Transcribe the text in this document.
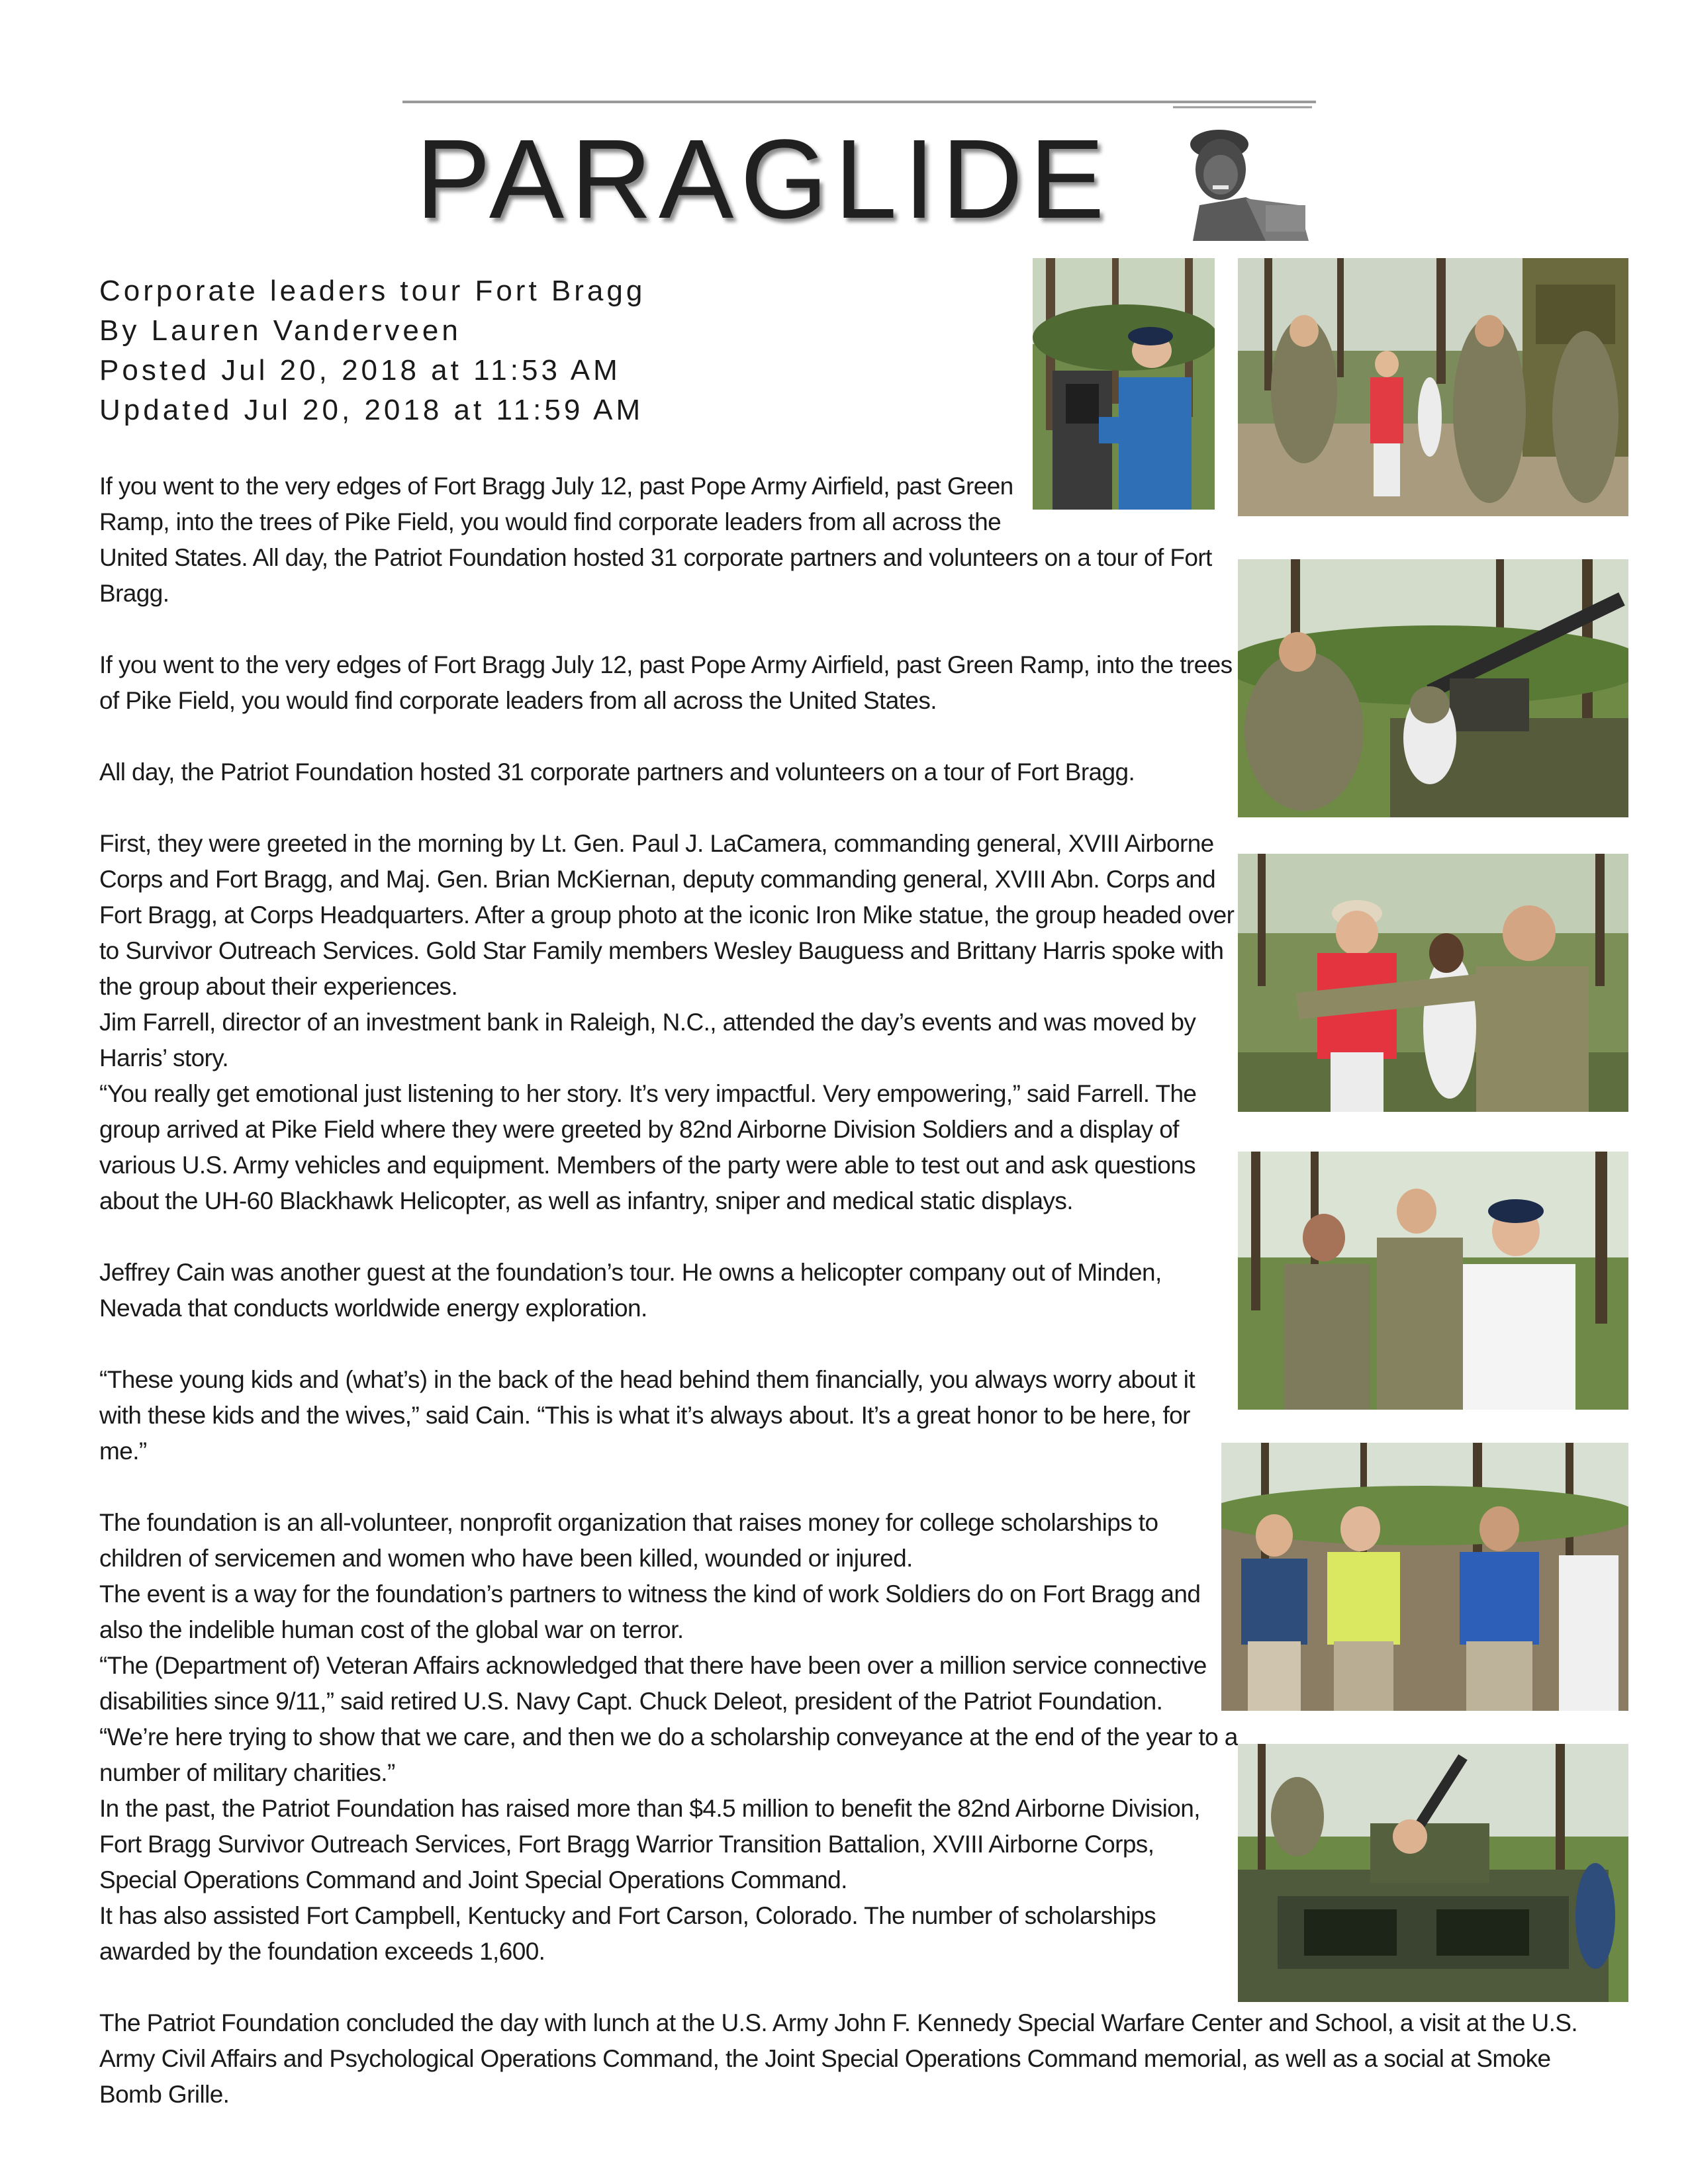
PARAGLIDE

Corporate leaders tour Fort Bragg

By Lauren Vanderveen

Posted Jul 20, 2018 at 11:53 AM

Updated Jul 20, 2018 at 11:59 AM

If you went to the very edges of Fort Bragg July 12, past Pope Army Airfield, past Green Ramp, into the trees of Pike Field, you would find corporate leaders from all across the United States. All day, the Patriot Foundation hosted 31 corporate partners and volunteers on a tour of Fort Bragg.

If you went to the very edges of Fort Bragg July 12, past Pope Army Airfield, past Green Ramp, into the trees of Pike Field, you would find corporate leaders from all across the United States.

All day, the Patriot Foundation hosted 31 corporate partners and volunteers on a tour of Fort Bragg.

First, they were greeted in the morning by Lt. Gen. Paul J. LaCamera, commanding general, XVIII Airborne Corps and Fort Bragg, and Maj. Gen. Brian McKiernan, deputy commanding general, XVIII Abn. Corps and Fort Bragg, at Corps Headquarters. After a group photo at the iconic Iron Mike statue, the group headed over to Survivor Outreach Services. Gold Star Family members Wesley Bauguess and Brittany Harris spoke with the group about their experiences.

Jim Farrell, director of an investment bank in Raleigh, N.C., attended the day’s events and was moved by Harris’ story.

“You really get emotional just listening to her story. It’s very impactful. Very empowering,” said Farrell. The group arrived at Pike Field where they were greeted by 82nd Airborne Division Soldiers and a display of various U.S. Army vehicles and equipment. Members of the party were able to test out and ask questions about the UH-60 Blackhawk Helicopter, as well as infantry, sniper and medical static displays.

Jeffrey Cain was another guest at the foundation’s tour. He owns a helicopter company out of Minden, Nevada that conducts worldwide energy exploration.

“These young kids and (what’s) in the back of the head behind them financially, you always worry about it with these kids and the wives,” said Cain. “This is what it’s always about. It’s a great honor to be here, for me.”

The foundation is an all-volunteer, nonprofit organization that raises money for college scholarships to children of servicemen and women who have been killed, wounded or injured.

The event is a way for the foundation’s partners to witness the kind of work Soldiers do on Fort Bragg and also the indelible human cost of the global war on terror.

“The (Department of) Veteran Affairs acknowledged that there have been over a million service connective disabilities since 9/11,” said retired U.S. Navy Capt. Chuck Deleot, president of the Patriot Foundation.

“We’re here trying to show that we care, and then we do a scholarship conveyance at the end of the year to a number of military charities.”

In the past, the Patriot Foundation has raised more than $4.5 million to benefit the 82nd Airborne Division, Fort Bragg Survivor Outreach Services, Fort Bragg Warrior Transition Battalion, XVIII Airborne Corps, Special Operations Command and Joint Special Operations Command.

It has also assisted Fort Campbell, Kentucky and Fort Carson, Colorado. The number of scholarships awarded by the foundation exceeds 1,600.

The Patriot Foundation concluded the day with lunch at the U.S. Army John F. Kennedy Special Warfare Center and School, a visit at the U.S. Army Civil Affairs and Psychological Operations Command, the Joint Special Operations Command memorial, as well as a social at Smoke Bomb Grille.
